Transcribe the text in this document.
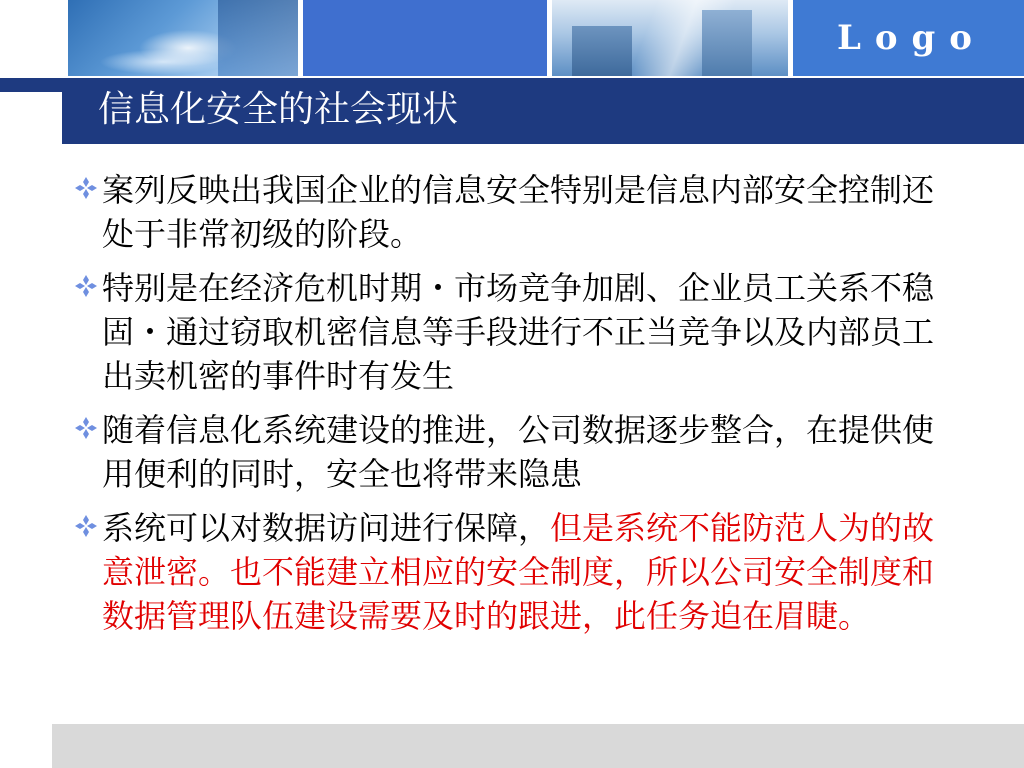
Logo
信息化安全的社会现状
案列反映出我国企业的信息安全特别是信息内部安全控制还处于非常初级的阶段。
特别是在经济危机时期・市场竞争加剧、企业员工关系不稳固・通过窃取机密信息等手段进行不正当竞争以及内部员工出卖机密的事件时有发生
随着信息化系统建设的推进，公司数据逐步整合，在提供使用便利的同时，安全也将带来隐患
系统可以对数据访问进行保障，但是系统不能防范人为的故意泄密。也不能建立相应的安全制度，所以公司安全制度和数据管理队伍建设需要及时的跟进，此任务迫在眉睫。
